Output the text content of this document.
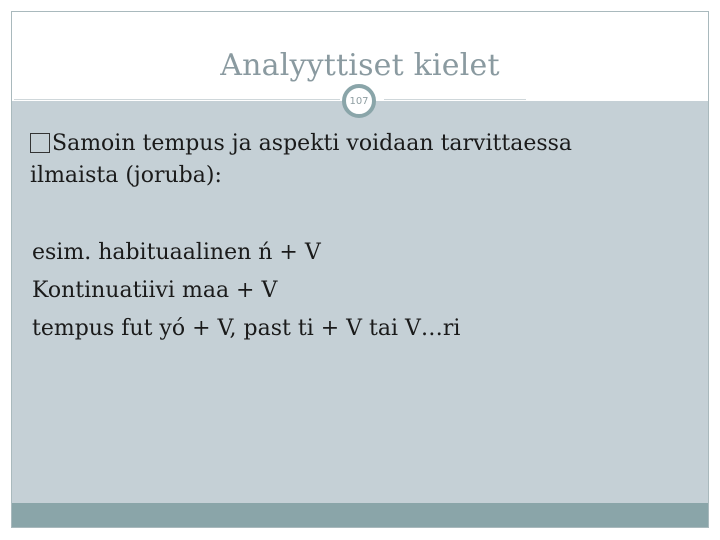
Analyyttiset kielet
107
Samoin tempus ja aspekti voidaan tarvittaessa ilmaista (joruba):
esim. habituaalinen ń + V
Kontinuatiivi maa + V
tempus fut yó + V, past ti + V tai V…ri
